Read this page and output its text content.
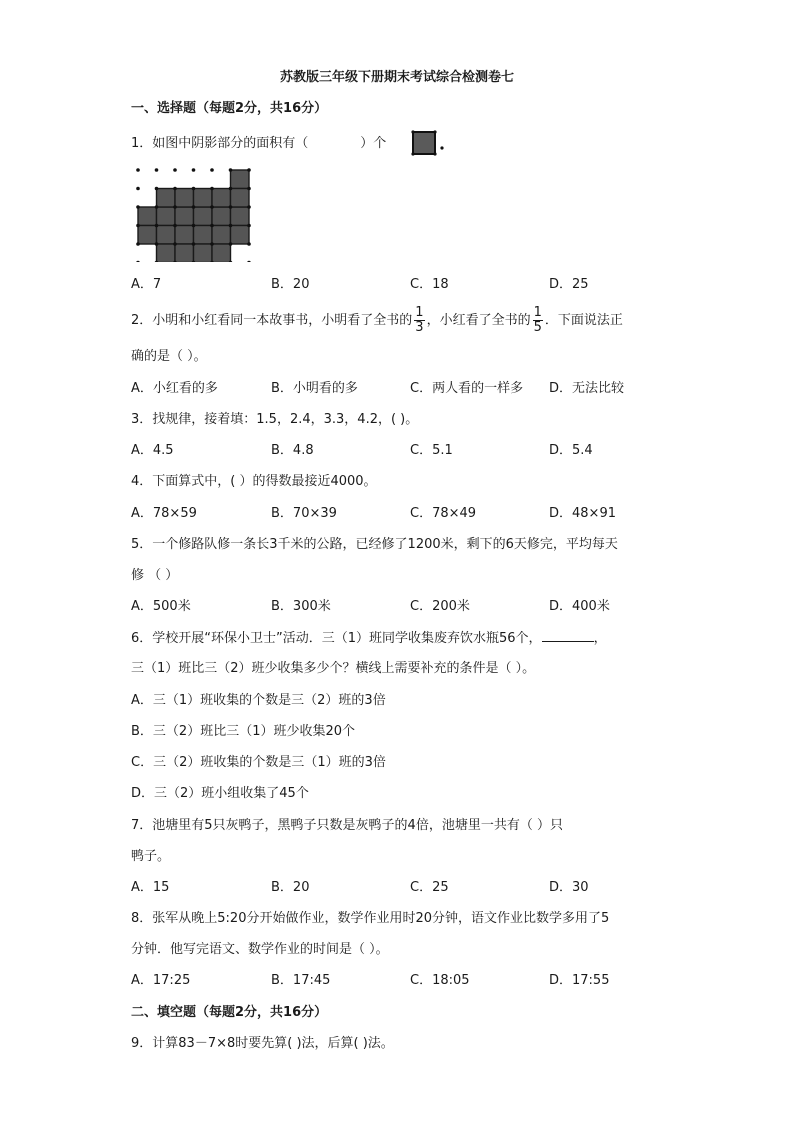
苏教版三年级下册期末考试综合检测卷七
一、选择题（每题2分，共16分）
1．如图中阴影部分的面积有（	）个
A．7	B．20	C．18	D．25
2．小明和小红看同一本故事书，小明看了全书的 $\frac{1}{3}$ ，小红看了全书的 $\frac{1}{5}$ ．下面说法正
确的是（ ）。
A．小红看的多	B．小明看的多	C．两人看的一样多 D．无法比较
3．找规律，接着填：1.5，2.4，3.3，4.2，( )。
A．4.5	B．4.8	C．5.1	D．5.4
4．下面算式中，( ）的得数最接近4000。
A．78×59	B．70×39	C．78×49	D．48×91
5．一个修路队修一条长3千米的公路，已经修了1200米，剩下的6天修完，平均每天
修 （ ）
A．500米	B．300米	C．200米	D．400米
6．学校开展“环保小卫士”活动．三（1）班同学收集废弃饮水瓶56个，	，
三（1）班比三（2）班少收集多少个？横线上需要补充的条件是（ ）。
A．三（1）班收集的个数是三（2）班的3倍
B．三（2）班比三（1）班少收集20个
C．三（2）班收集的个数是三（1）班的3倍
D．三（2）班小组收集了45个
7．池塘里有5只灰鸭子，黑鸭子只数是灰鸭子的4倍，池塘里一共有（ ）只
鸭子。
A．15	B．20	C．25	D．30
8．张军从晚上5:20分开始做作业，数学作业用时20分钟，语文作业比数学多用了5
分钟．他写完语文、数学作业的时间是（ ）。
A．17:25	B．17:45	C．18:05	D．17:55
二、填空题（每题2分，共16分）
9．计算83－7×8时要先算( )法，后算( )法。
